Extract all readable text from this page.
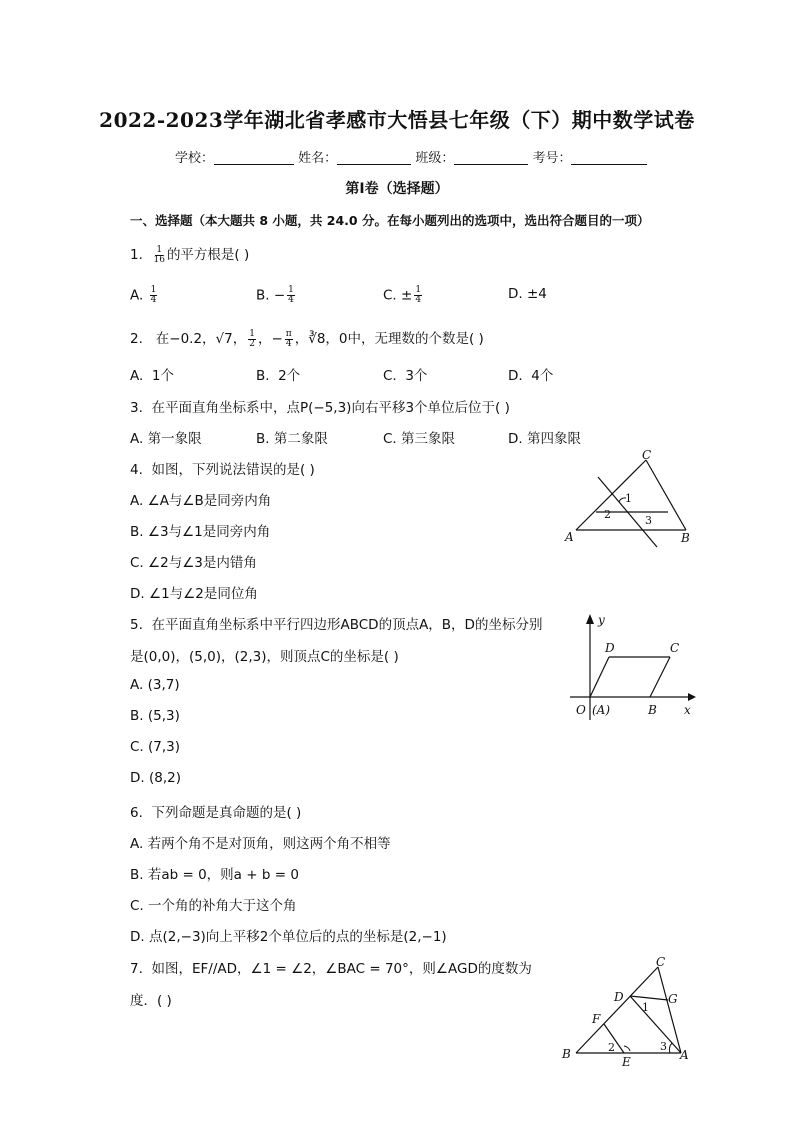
2022-2023学年湖北省孝感市大悟县七年级（下）期中数学试卷
学校：	姓名：	班级：	考号：
第I卷（选择题）
一、选择题（本大题共 8 小题，共 24.0 分。在每小题列出的选项中，选出符合题目的一项）
1. $\frac{1}{16}$ 的平方根是( )
A. $\frac{1}{4}$	B. − $\frac{1}{4}$	C. ± $\frac{1}{4}$	D. ±4
2. 在−0.2，√7， $\frac{1}{2}$ ，− $\frac{\pi}{4}$ ，∛8，0中，无理数的个数是( )
A. 1个	B. 2个	C. 3个	D. 4个
3. 在平面直角坐标系中，点P(−5,3)向右平移3个单位后位于( )
A. 第一象限	B. 第二象限	C. 第三象限	D. 第四象限
4. 如图，下列说法错误的是( )
A. ∠A与∠B是同旁内角
B. ∠3与∠1是同旁内角
C. ∠2与∠3是内错角
D. ∠1与∠2是同位角
C
A	B
1
2	3
5. 在平面直角坐标系中平行四边形ABCD的顶点A，B，D的坐标分别
是(0,0)，(5,0)，(2,3)，则顶点C的坐标是( )
A. (3,7)
B. (5,3)
C. (7,3)
D. (8,2)
y
x
D	C
O (A)	B
6. 下列命题是真命题的是( )
A. 若两个角不是对顶角，则这两个角不相等
B. 若ab = 0，则a + b = 0
C. 一个角的补角大于这个角
D. 点(2,−3)向上平移2个单位后的点的坐标是(2,−1)
7. 如图，EF//AD，∠1 = ∠2，∠BAC = 70°，则∠AGD的度数为
度．( )
C
D	G
F
B
E	A
1
2	3
